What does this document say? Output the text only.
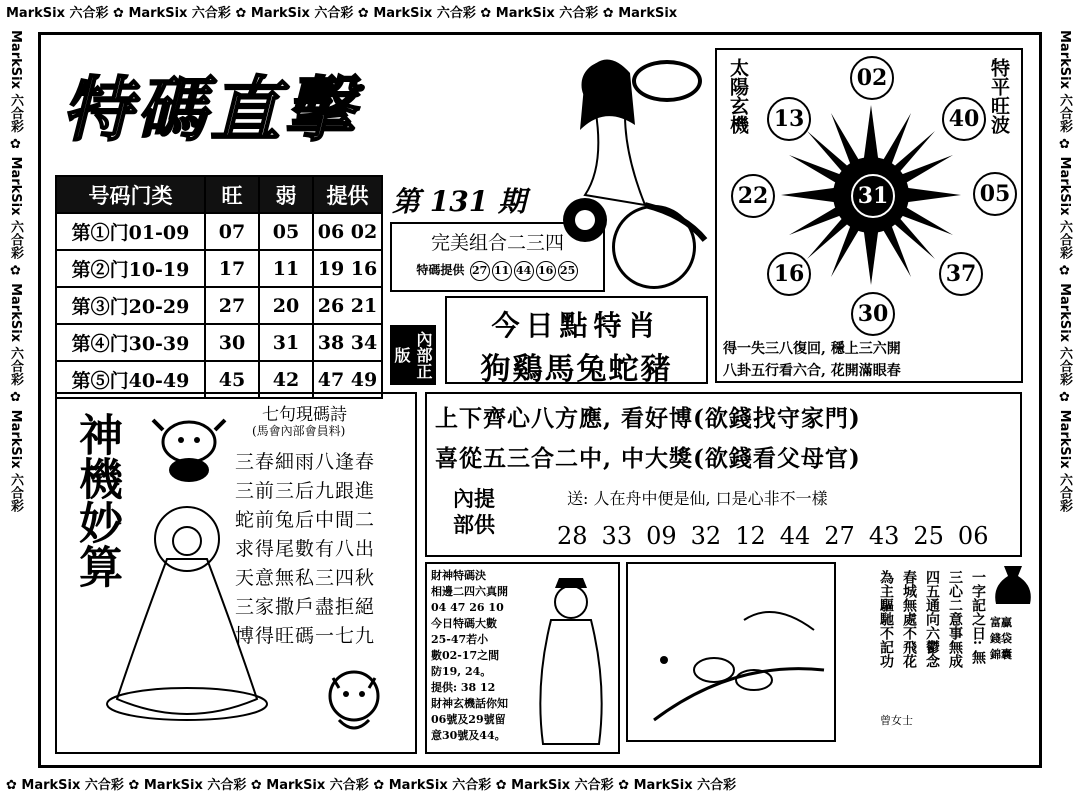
MarkSix 六合彩 ✿ MarkSix 六合彩 ✿ MarkSix 六合彩 ✿ MarkSix 六合彩 ✿ MarkSix 六合彩 ✿ MarkSix
✿ MarkSix 六合彩 ✿ MarkSix 六合彩 ✿ MarkSix 六合彩 ✿ MarkSix 六合彩 ✿ MarkSix 六合彩 ✿ MarkSix 六合彩
MarkSix 六合彩 ✿ MarkSix 六合彩 ✿ MarkSix 六合彩 ✿ MarkSix 六合彩	MarkSix 六合彩 ✿ MarkSix 六合彩 ✿ MarkSix 六合彩 ✿ MarkSix 六合彩
特碼直擊
号码门类	旺	弱	提供
第①门01-09	07	05	06 02
第②门10-19	17	11	19 16
第③门20-29	27	20	26 21
第④门30-39	30	31	38 34
第⑤门40-49	45	42	47 49
第 131 期
完美组合二三四
特碼提供 27 11 44 16 25
內部正版
今日點特肖
狗鷄馬兔蛇豬
太陽玄機	特平旺波
31
02
40
05
37
30
16
22
13
得一失三八復回, 穩上三六開
八卦五行看六合, 花開滿眼春
神機妙算	七句現碼詩
(馬會內部會員料)
三春細雨八逢春
三前三后九跟進
蛇前兔后中間二
求得尾數有八出
天意無私三四秋
三家撒戶盡拒絕
博得旺碼一七九
上下齊心八方應, 看好博(欲錢找守家門)
喜從五三合二中, 中大獎(欲錢看父母官)
內提部供
送: 人在舟中便是仙, 口是心非不一樣
28 33 09 32 12 44 27 43 25 06
財神特碼決
相邊二四六真開
04 47 26 10
今日特碼大數
25-47若小
數02-17之間
防19, 24。
提供: 38 12
財神玄機話你知
06號及29號留
意30號及44。
一字記之日: 無
三心二意事無成
四五通向六鬱念
春城無處不飛花
為主驅馳不記功
曾女士
富贏
錢袋
錦囊
